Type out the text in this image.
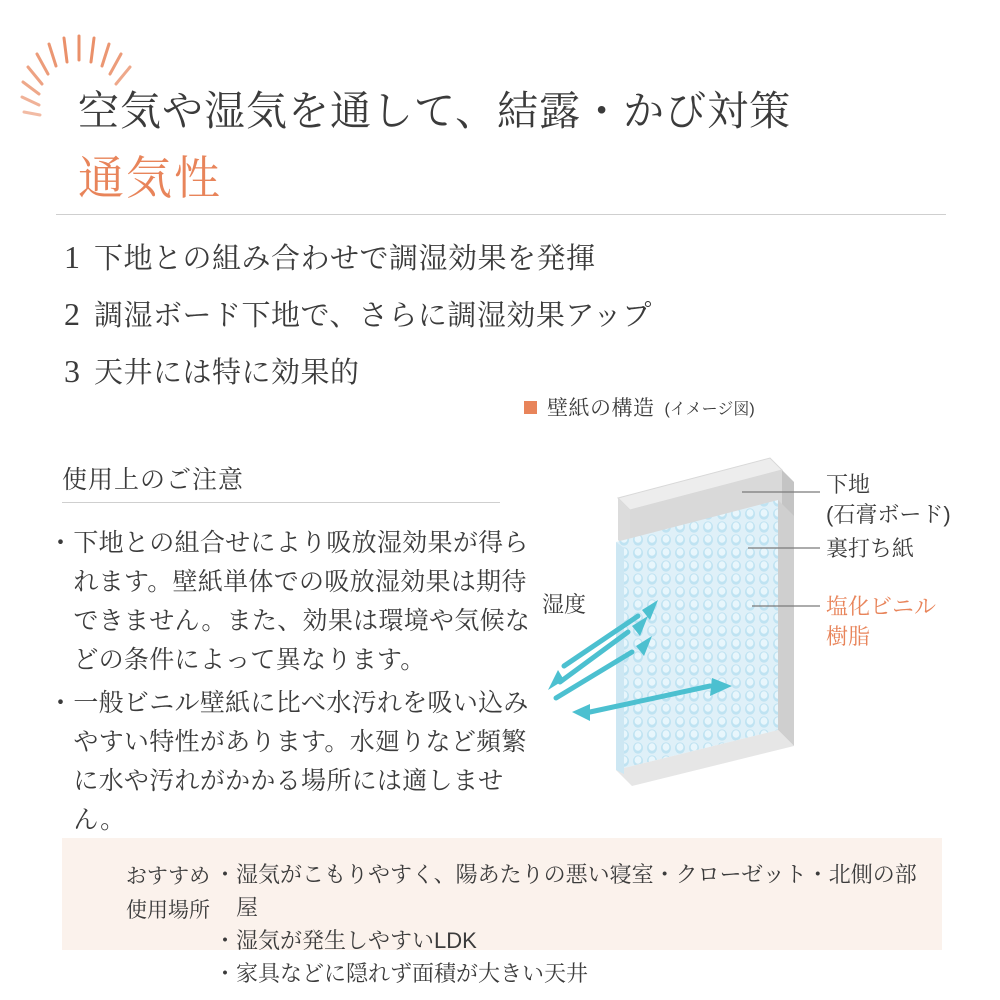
空気や湿気を通して、結露・かび対策
通気性
1 下地との組み合わせで調湿効果を発揮
2 調湿ボード下地で、さらに調湿効果アップ
3 天井には特に効果的
使用上のご注意
・ 下地との組合せにより吸放湿効果が得られます。壁紙単体での吸放湿効果は期待できません。また、効果は環境や気候などの条件によって異なります。
・ 一般ビニル壁紙に比べ水汚れを吸い込みやすい特性があります。水廻りなど頻繁に水や汚れがかかる場所には適しません。
壁紙の構造 (イメージ図)
下地
(石膏ボード)
裏打ち紙
塩化ビニル
樹脂
湿度
おすすめ
使用場所
・ 湿気がこもりやすく、陽あたりの悪い寝室・クローゼット・北側の部屋
・ 湿気が発生しやすいLDK
・ 家具などに隠れず面積が大きい天井
